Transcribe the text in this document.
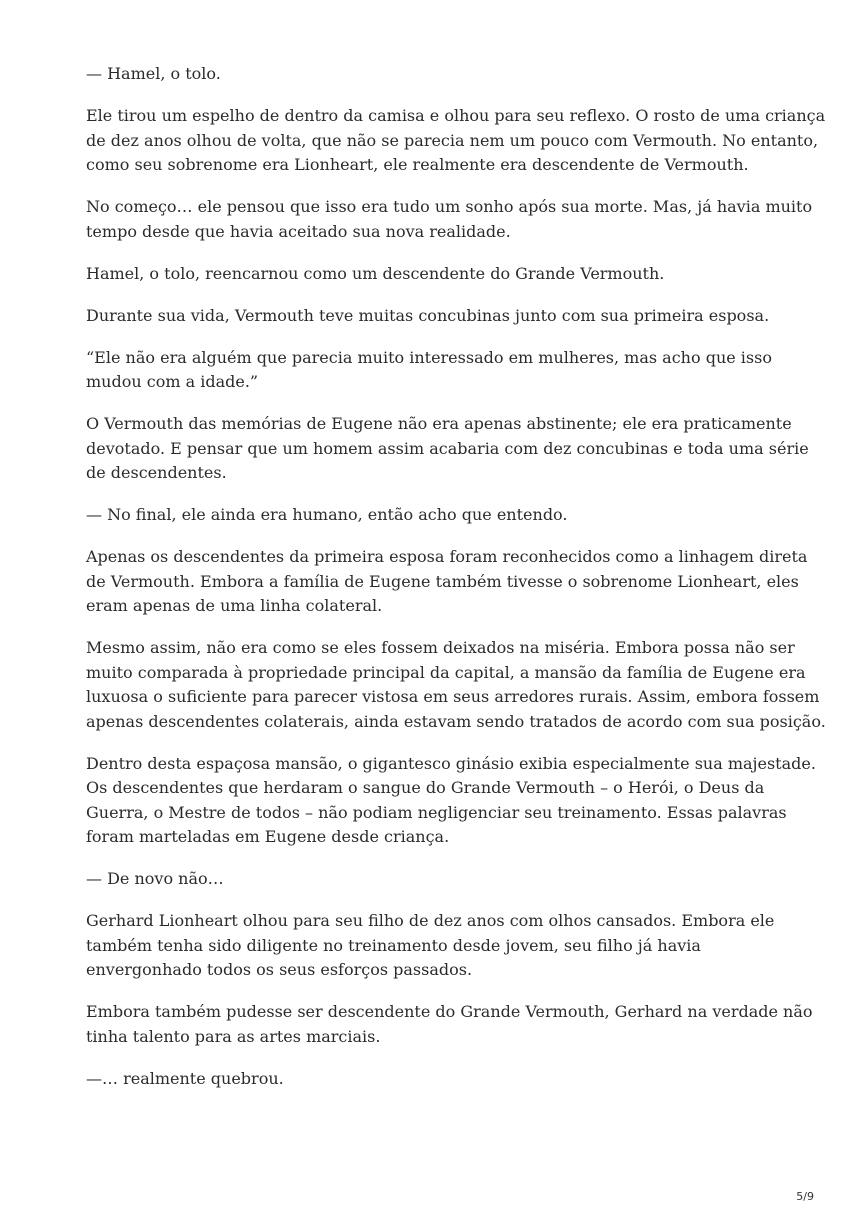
— Hamel, o tolo.

Ele tirou um espelho de dentro da camisa e olhou para seu reflexo. O rosto de uma criança
de dez anos olhou de volta, que não se parecia nem um pouco com Vermouth. No entanto,
como seu sobrenome era Lionheart, ele realmente era descendente de Vermouth.

No começo… ele pensou que isso era tudo um sonho após sua morte. Mas, já havia muito
tempo desde que havia aceitado sua nova realidade.

Hamel, o tolo, reencarnou como um descendente do Grande Vermouth.

Durante sua vida, Vermouth teve muitas concubinas junto com sua primeira esposa.

“Ele não era alguém que parecia muito interessado em mulheres, mas acho que isso
mudou com a idade.”

O Vermouth das memórias de Eugene não era apenas abstinente; ele era praticamente
devotado. E pensar que um homem assim acabaria com dez concubinas e toda uma série
de descendentes.

— No final, ele ainda era humano, então acho que entendo.

Apenas os descendentes da primeira esposa foram reconhecidos como a linhagem direta
de Vermouth. Embora a família de Eugene também tivesse o sobrenome Lionheart, eles
eram apenas de uma linha colateral.

Mesmo assim, não era como se eles fossem deixados na miséria. Embora possa não ser
muito comparada à propriedade principal da capital, a mansão da família de Eugene era
luxuosa o suficiente para parecer vistosa em seus arredores rurais. Assim, embora fossem
apenas descendentes colaterais, ainda estavam sendo tratados de acordo com sua posição.

Dentro desta espaçosa mansão, o gigantesco ginásio exibia especialmente sua majestade.
Os descendentes que herdaram o sangue do Grande Vermouth – o Herói, o Deus da
Guerra, o Mestre de todos – não podiam negligenciar seu treinamento. Essas palavras
foram marteladas em Eugene desde criança.

— De novo não…

Gerhard Lionheart olhou para seu filho de dez anos com olhos cansados. Embora ele
também tenha sido diligente no treinamento desde jovem, seu filho já havia
envergonhado todos os seus esforços passados.

Embora também pudesse ser descendente do Grande Vermouth, Gerhard na verdade não
tinha talento para as artes marciais.

—… realmente quebrou.

5/9
